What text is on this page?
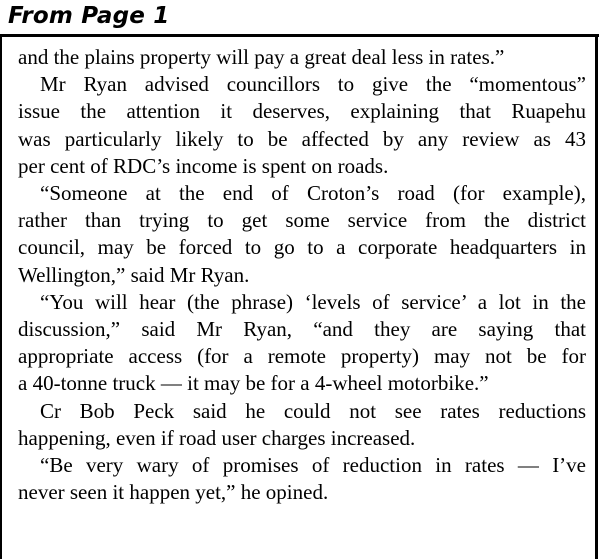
From Page 1

and the plains property will pay a great deal less in rates.”

Mr Ryan advised councillors to give the “momentous”
issue the attention it deserves, explaining that Ruapehu
was particularly likely to be affected by any review as 43
per cent of RDC’s income is spent on roads.

“Someone at the end of Croton’s road (for example),
rather than trying to get some service from the district
council, may be forced to go to a corporate headquarters in
Wellington,” said Mr Ryan.

“You will hear (the phrase) ‘levels of service’ a lot in the
discussion,” said Mr Ryan, “and they are saying that
appropriate access (for a remote property) may not be for
a 40-tonne truck — it may be for a 4-wheel motorbike.”

Cr Bob Peck said he could not see rates reductions
happening, even if road user charges increased.

“Be very wary of promises of reduction in rates — I’ve
never seen it happen yet,” he opined.
